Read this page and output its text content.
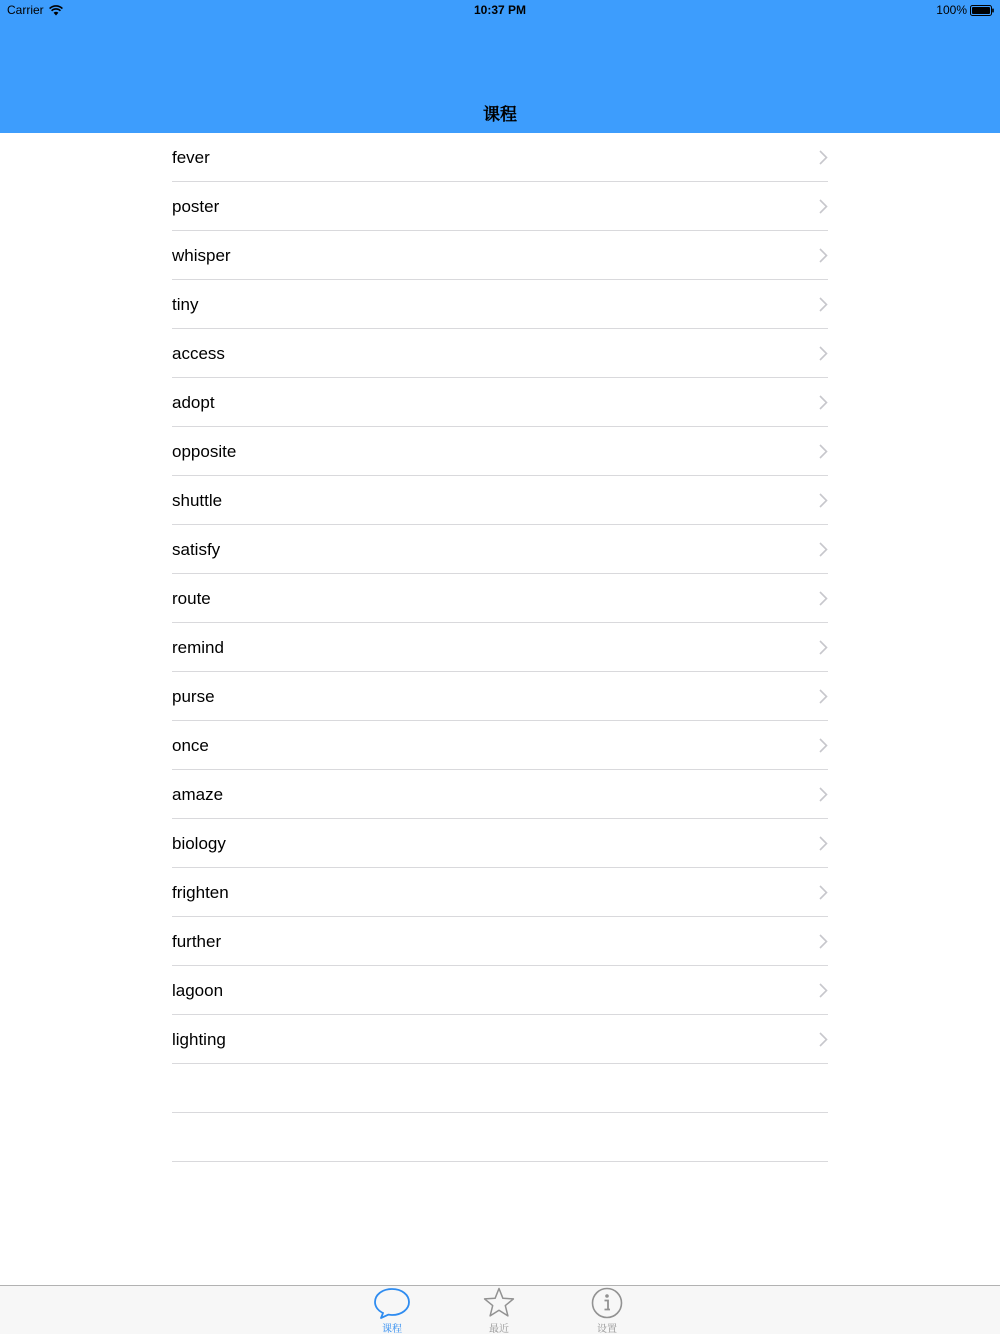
Carrier	10:37 PM	100%
课程
fever
poster
whisper
tiny
access
adopt
opposite
shuttle
satisfy
route
remind
purse
once
amaze
biology
frighten
further
lagoon
lighting
课程	最近	设置
